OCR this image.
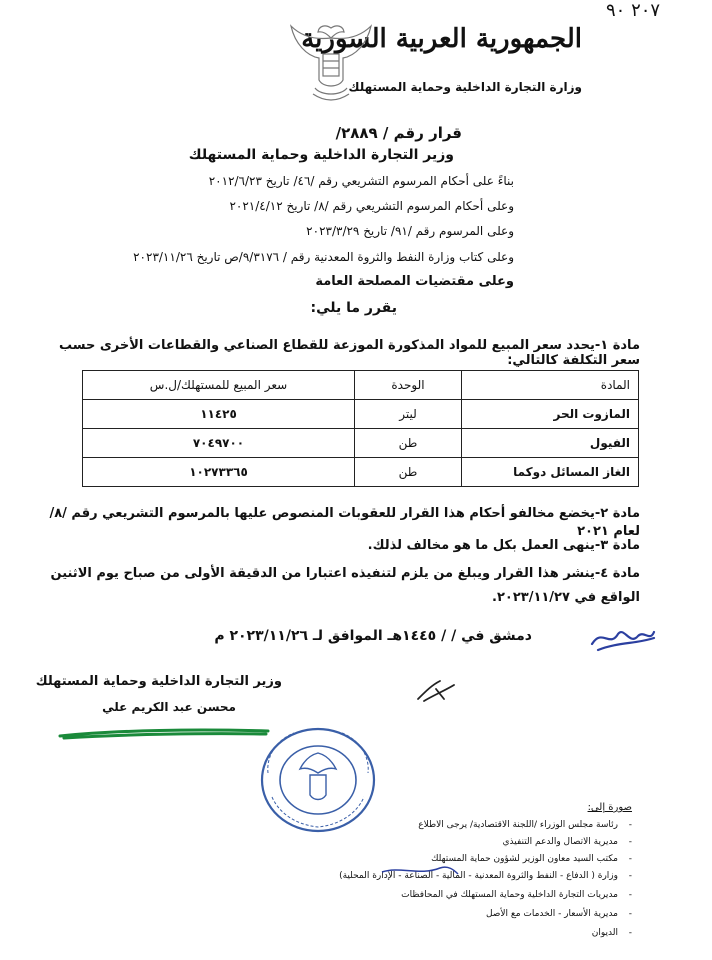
٢٠٧ ٩٠
الجمهورية العربية السورية
وزارة التجارة الداخلية وحماية المستهلك
قرار رقم / ٢٨٨٩/
وزير التجارة الداخلية وحماية المستهلك
بناءً على أحكام المرسوم التشريعي رقم /٤٦/ تاريخ ٢٠١٢/٦/٢٣
وعلى أحكام المرسوم التشريعي رقم /٨/ تاريخ ٢٠٢١/٤/١٢
وعلى المرسوم رقم /٩١/ تاريخ ٢٠٢٣/٣/٢٩
وعلى كتاب وزارة النفط والثروة المعدنية رقم / ٩/٣١٧٦/ص تاريخ ٢٠٢٣/١١/٢٦
وعلى مقتضيات المصلحة العامة
يقرر ما يلي:
مادة ١-يحدد سعر المبيع للمواد المذكورة الموزعة للقطاع الصناعي والقطاعات الأخرى حسب سعر التكلفة كالتالي:
المادة	الوحدة	سعر المبيع للمستهلك/ل.س
المازوت الحر	ليتر	١١٤٢٥
الفيول	طن	٧٠٤٩٧٠٠
الغاز المسائل دوكما	طن	١٠٢٧٣٣٦٥
مادة ٢-يخضع مخالفو أحكام هذا القرار للعقوبات المنصوص عليها بالمرسوم التشريعي رقم /٨/ لعام ٢٠٢١
مادة ٣-ينهى العمل بكل ما هو مخالف لذلك.
مادة ٤-ينشر هذا القرار ويبلغ من يلزم لتنفيذه اعتبارا من الدقيقة الأولى من صباح يوم الاثنين الواقع في ٢٠٢٣/١١/٢٧.
دمشق في / / ١٤٤٥هـ الموافق لـ ٢٠٢٣/١١/٢٦ م
وزير التجارة الداخلية وحماية المستهلك
محسن عبد الكريم علي
صورة إلى:
-رئاسة مجلس الوزراء /اللجنة الاقتصادية/ يرجى الاطلاع
-مديرية الاتصال والدعم التنفيذي
-مكتب السيد معاون الوزير لشؤون حماية المستهلك
-وزارة ( الدفاع - النفط والثروة المعدنية - المالية - الصناعة - الإدارة المحلية)
-مديريات التجارة الداخلية وحماية المستهلك في المحافظات
-مديرية الأسعار - الخدمات مع الأصل
-الديوان
